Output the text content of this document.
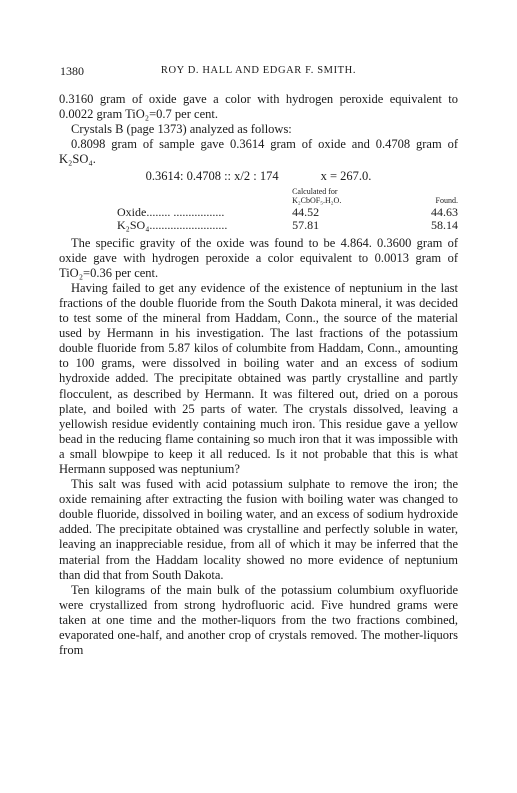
1380	ROY D. HALL AND EDGAR F. SMITH.

0.3160 gram of oxide gave a color with hydrogen peroxide equivalent to 0.0022 gram TiO₂=0.7 per cent.

Crystals B (page 1373) analyzed as follows:

0.8098 gram of sample gave 0.3614 gram of oxide and 0.4708 gram of K₂SO₄.

0.3614: 0.4708 :: x/2 : 174	x = 267.0.

	Calculated for
K₂CbOF₅.H₂O.	Found.
Oxide........ .................	44.52	44.63
K₂SO₄..........................	57.81	58.14

The specific gravity of the oxide was found to be 4.864. 0.3600 gram of oxide gave with hydrogen peroxide a color equivalent to 0.0013 gram of TiO₂=0.36 per cent.

Having failed to get any evidence of the existence of neptunium in the last fractions of the double fluoride from the South Dakota mineral, it was decided to test some of the mineral from Haddam, Conn., the source of the material used by Hermann in his investigation. The last fractions of the potassium double fluoride from 5.87 kilos of columbite from Haddam, Conn., amounting to 100 grams, were dissolved in boiling water and an excess of sodium hydroxide added. The precipitate obtained was partly crystalline and partly flocculent, as described by Hermann. It was filtered out, dried on a porous plate, and boiled with 25 parts of water. The crystals dissolved, leaving a yellowish residue evidently containing much iron. This residue gave a yellow bead in the reducing flame containing so much iron that it was impossible with a small blowpipe to keep it all reduced. Is it not probable that this is what Hermann supposed was neptunium?

This salt was fused with acid potassium sulphate to remove the iron; the oxide remaining after extracting the fusion with boiling water was changed to double fluoride, dissolved in boiling water, and an excess of sodium hydroxide added. The precipitate obtained was crystalline and perfectly soluble in water, leaving an inappreciable residue, from all of which it may be inferred that the material from the Haddam locality showed no more evidence of neptunium than did that from South Dakota.

Ten kilograms of the main bulk of the potassium columbium oxyfluoride were crystallized from strong hydrofluoric acid. Five hundred grams were taken at one time and the mother-liquors from the two fractions combined, evaporated one-half, and another crop of crystals removed. The mother-liquors from
